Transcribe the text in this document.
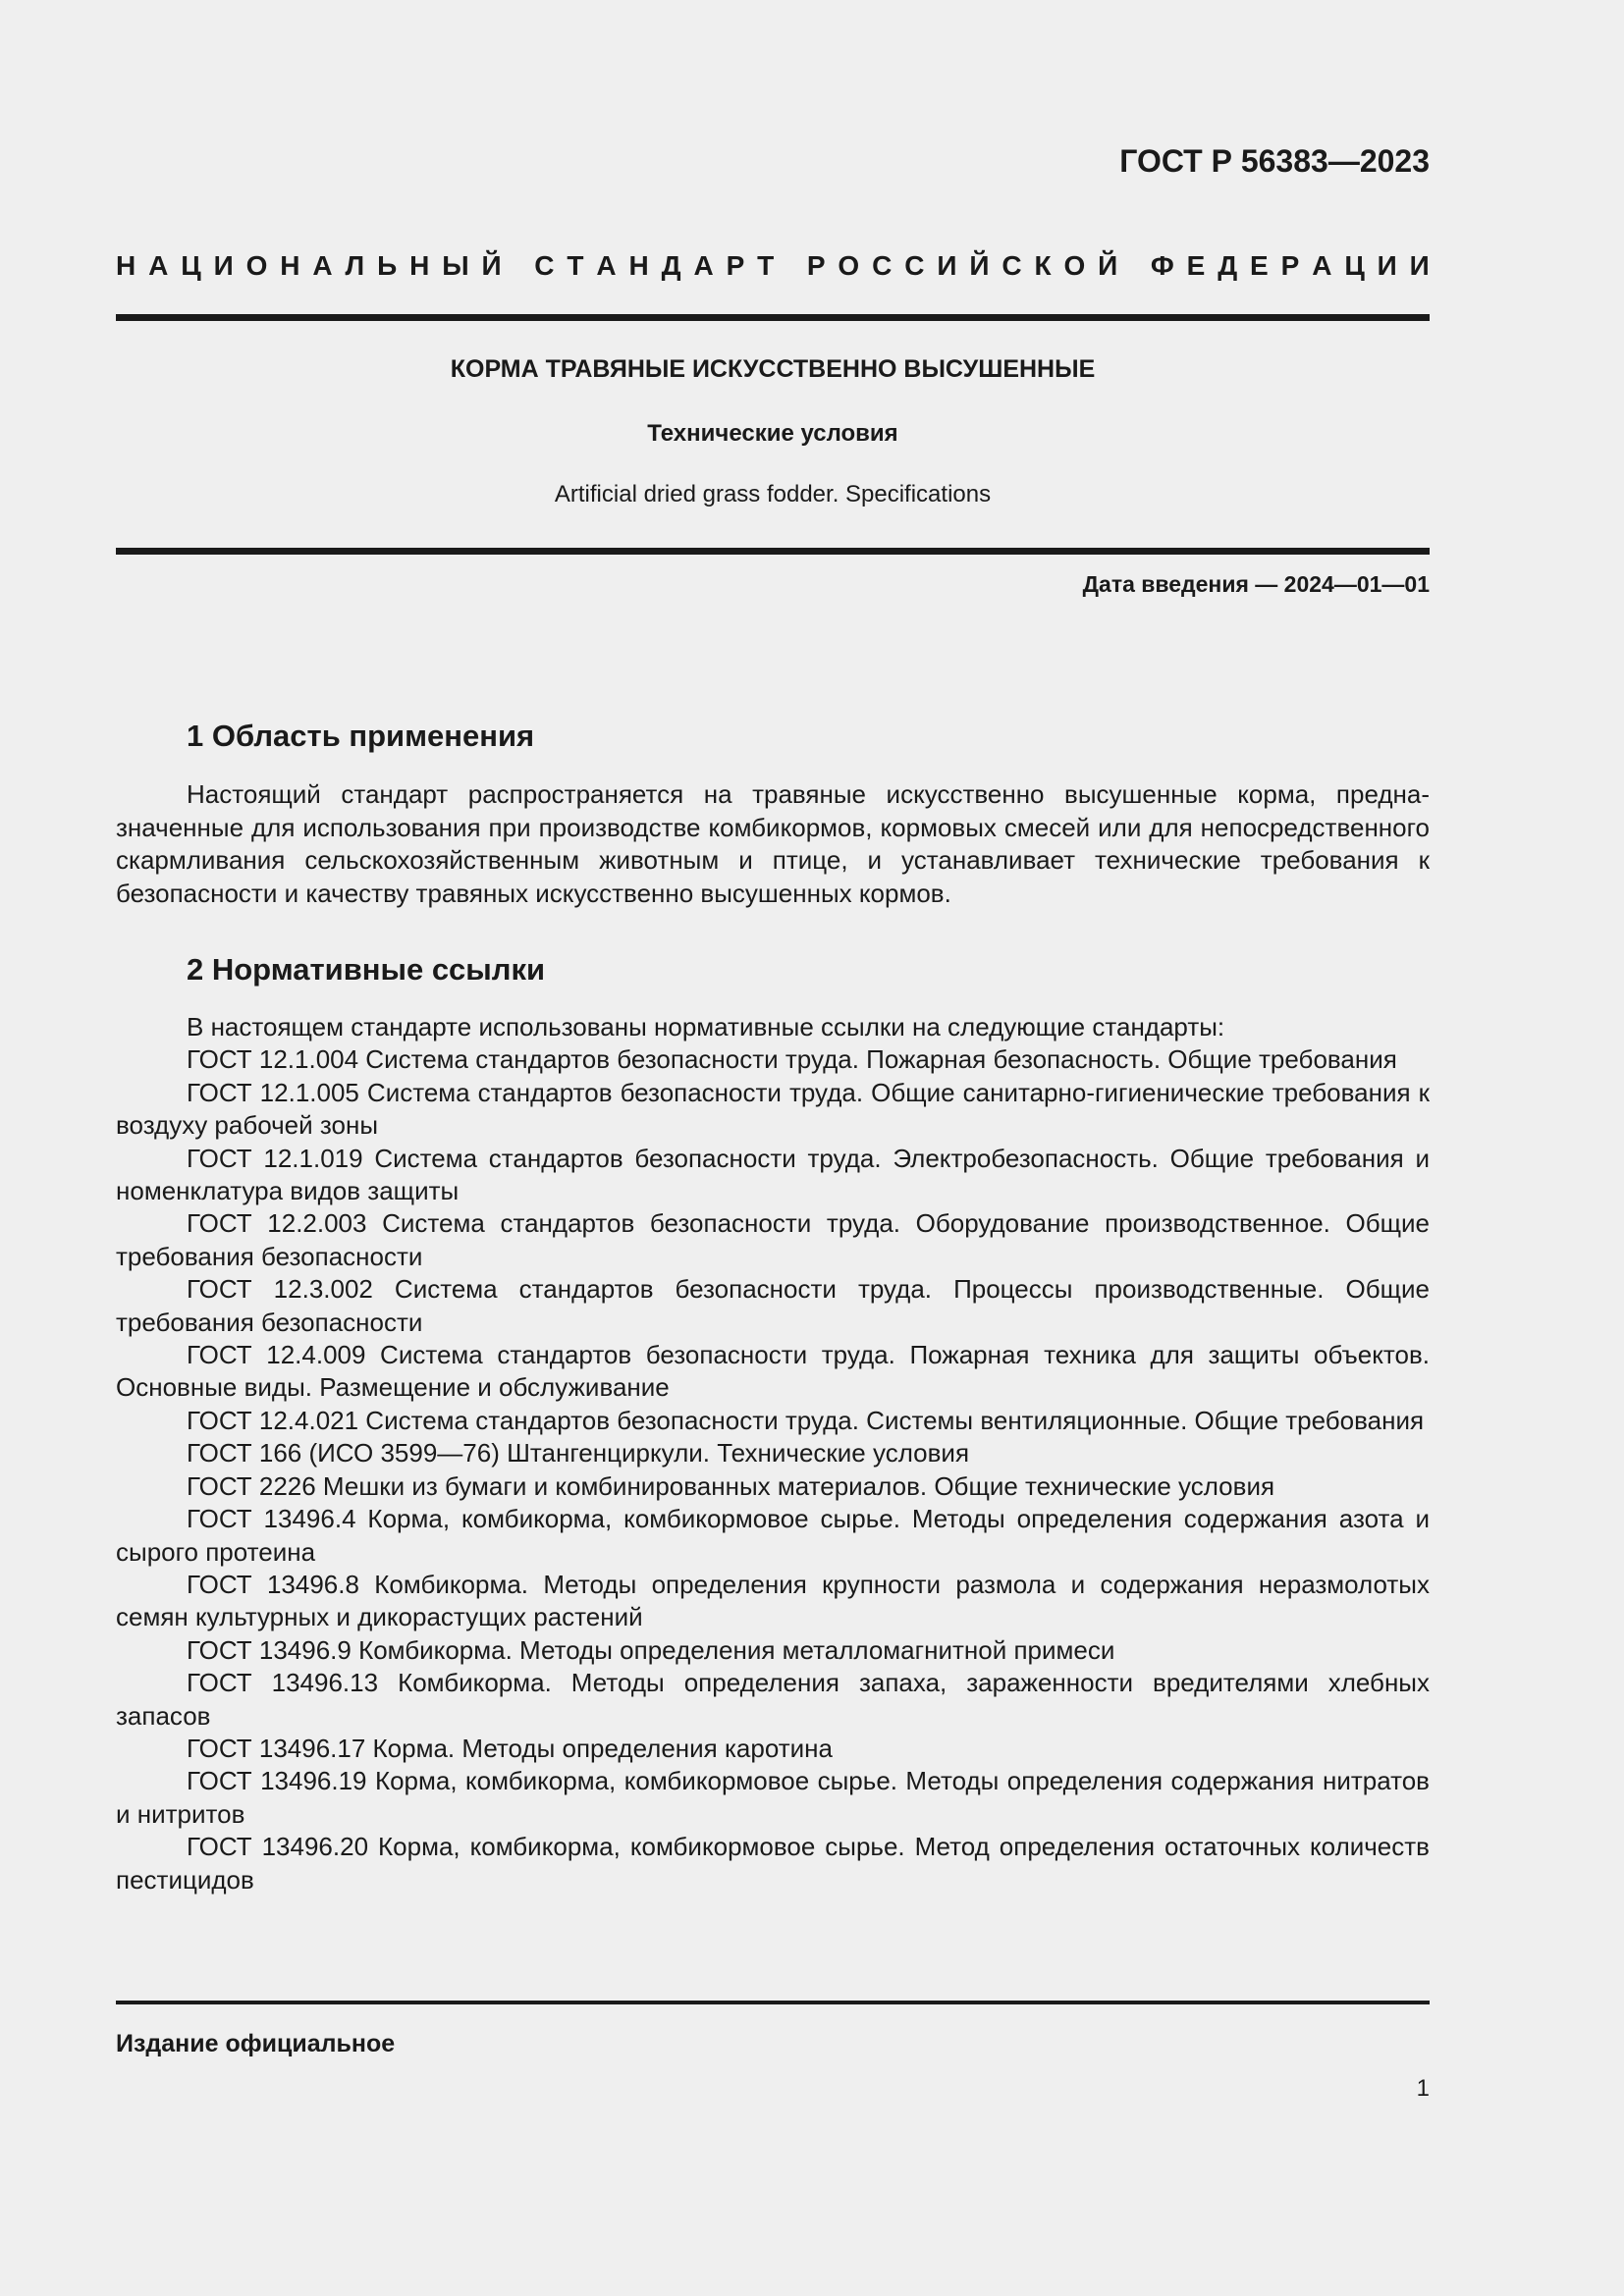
ГОСТ Р 56383—2023
Н А Ц И О Н А Л Ь Н Ы Й
С Т А Н Д А Р Т
Р О С С И Й С К О Й
Ф Е Д Е Р А Ц И И
КОРМА ТРАВЯНЫЕ ИСКУССТВЕННО ВЫСУШЕННЫЕ
Технические условия
Artificial dried grass fodder. Specifications
Дата введения — 2024—01—01
1 Область применения

Настоящий стандарт распространяется на травяные искусственно высушенные корма, предназначенные для использования при производстве комбикормов, кормовых смесей или для непосредственного скармливания сельскохозяйственным животным и птице, и устанавливает технические требования к безопасности и качеству травяных искусственно высушенных кормов.

2 Нормативные ссылки

В настоящем стандарте использованы нормативные ссылки на следующие стандарты:

ГОСТ 12.1.004 Система стандартов безопасности труда. Пожарная безопасность. Общие требования

ГОСТ 12.1.005 Система стандартов безопасности труда. Общие санитарно-гигиенические требования к воздуху рабочей зоны

ГОСТ 12.1.019 Система стандартов безопасности труда. Электробезопасность. Общие требования и номенклатура видов защиты

ГОСТ 12.2.003 Система стандартов безопасности труда. Оборудование производственное. Общие требования безопасности

ГОСТ 12.3.002 Система стандартов безопасности труда. Процессы производственные. Общие требования безопасности

ГОСТ 12.4.009 Система стандартов безопасности труда. Пожарная техника для защиты объектов. Основные виды. Размещение и обслуживание

ГОСТ 12.4.021 Система стандартов безопасности труда. Системы вентиляционные. Общие требования

ГОСТ 166 (ИСО 3599—76) Штангенциркули. Технические условия

ГОСТ 2226 Мешки из бумаги и комбинированных материалов. Общие технические условия

ГОСТ 13496.4 Корма, комбикорма, комбикормовое сырье. Методы определения содержания азота и сырого протеина

ГОСТ 13496.8 Комбикорма. Методы определения крупности размола и содержания неразмолотых семян культурных и дикорастущих растений

ГОСТ 13496.9 Комбикорма. Методы определения металломагнитной примеси

ГОСТ 13496.13 Комбикорма. Методы определения запаха, зараженности вредителями хлебных запасов

ГОСТ 13496.17 Корма. Методы определения каротина

ГОСТ 13496.19 Корма, комбикорма, комбикормовое сырье. Методы определения содержания нитратов и нитритов

ГОСТ 13496.20 Корма, комбикорма, комбикормовое сырье. Метод определения остаточных количеств пестицидов

Издание официальное
1
